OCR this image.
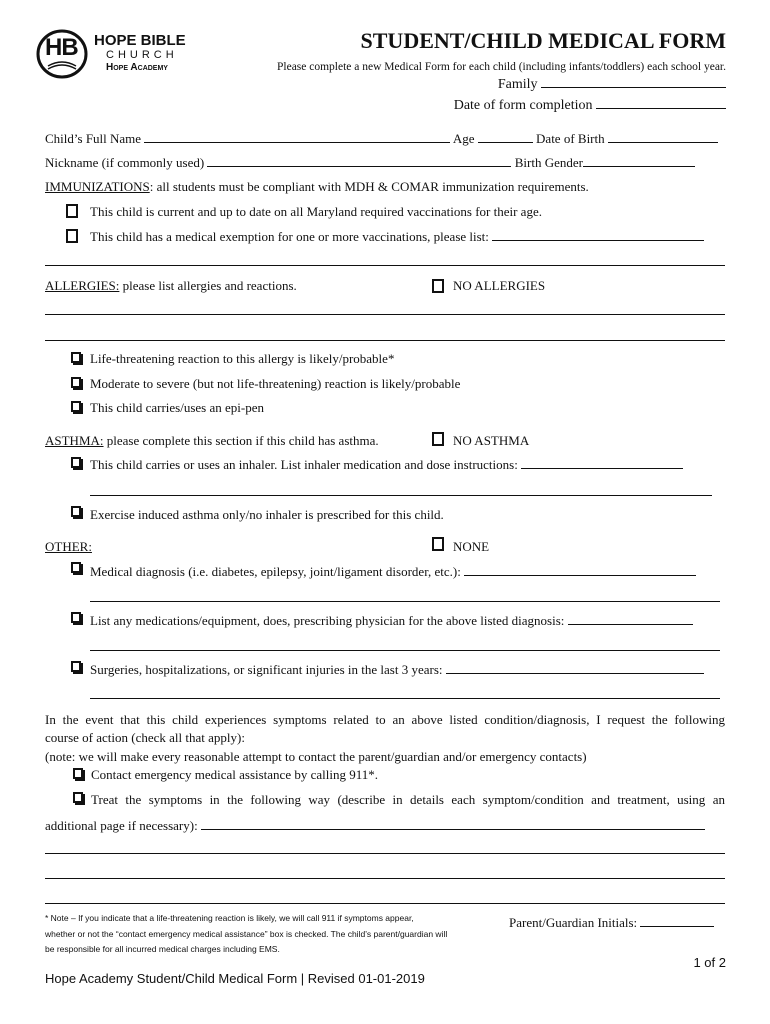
HB HOPE BIBLE
CHURCH
Hope Academy
STUDENT/CHILD MEDICAL FORM
Please complete a new Medical Form for each child (including infants/toddlers) each school year.
Family
Date of form completion
Child’s Full Name	Age	Date of Birth
Nickname (if commonly used)	Birth Gender
IMMUNIZATIONS: all students must be compliant with MDH & COMAR immunization requirements.
This child is current and up to date on all Maryland required vaccinations for their age.
This child has a medical exemption for one or more vaccinations, please list:
ALLERGIES: please list allergies and reactions.	NO ALLERGIES
Life-threatening reaction to this allergy is likely/probable*
Moderate to severe (but not life-threatening) reaction is likely/probable
This child carries/uses an epi-pen
ASTHMA: please complete this section if this child has asthma.	NO ASTHMA
This child carries or uses an inhaler. List inhaler medication and dose instructions:
Exercise induced asthma only/no inhaler is prescribed for this child.
OTHER:	NONE
Medical diagnosis (i.e. diabetes, epilepsy, joint/ligament disorder, etc.):
List any medications/equipment, does, prescribing physician for the above listed diagnosis:
Surgeries, hospitalizations, or significant injuries in the last 3 years:
In the event that this child experiences symptoms related to an above listed condition/diagnosis, I request the following
course of action (check all that apply):
(note: we will make every reasonable attempt to contact the parent/guardian and/or emergency contacts)
Contact emergency medical assistance by calling 911*.
Treat the symptoms in the following way (describe in details each symptom/condition and treatment, using an
additional page if necessary):
* Note – If you indicate that a life-threatening reaction is likely, we will call 911 if symptoms appear,
whether or not the “contact emergency medical assistance” box is checked. The child’s parent/guardian will
be responsible for all incurred medical charges including EMS.
Parent/Guardian Initials:
1 of 2
Hope Academy Student/Child Medical Form | Revised 01-01-2019
